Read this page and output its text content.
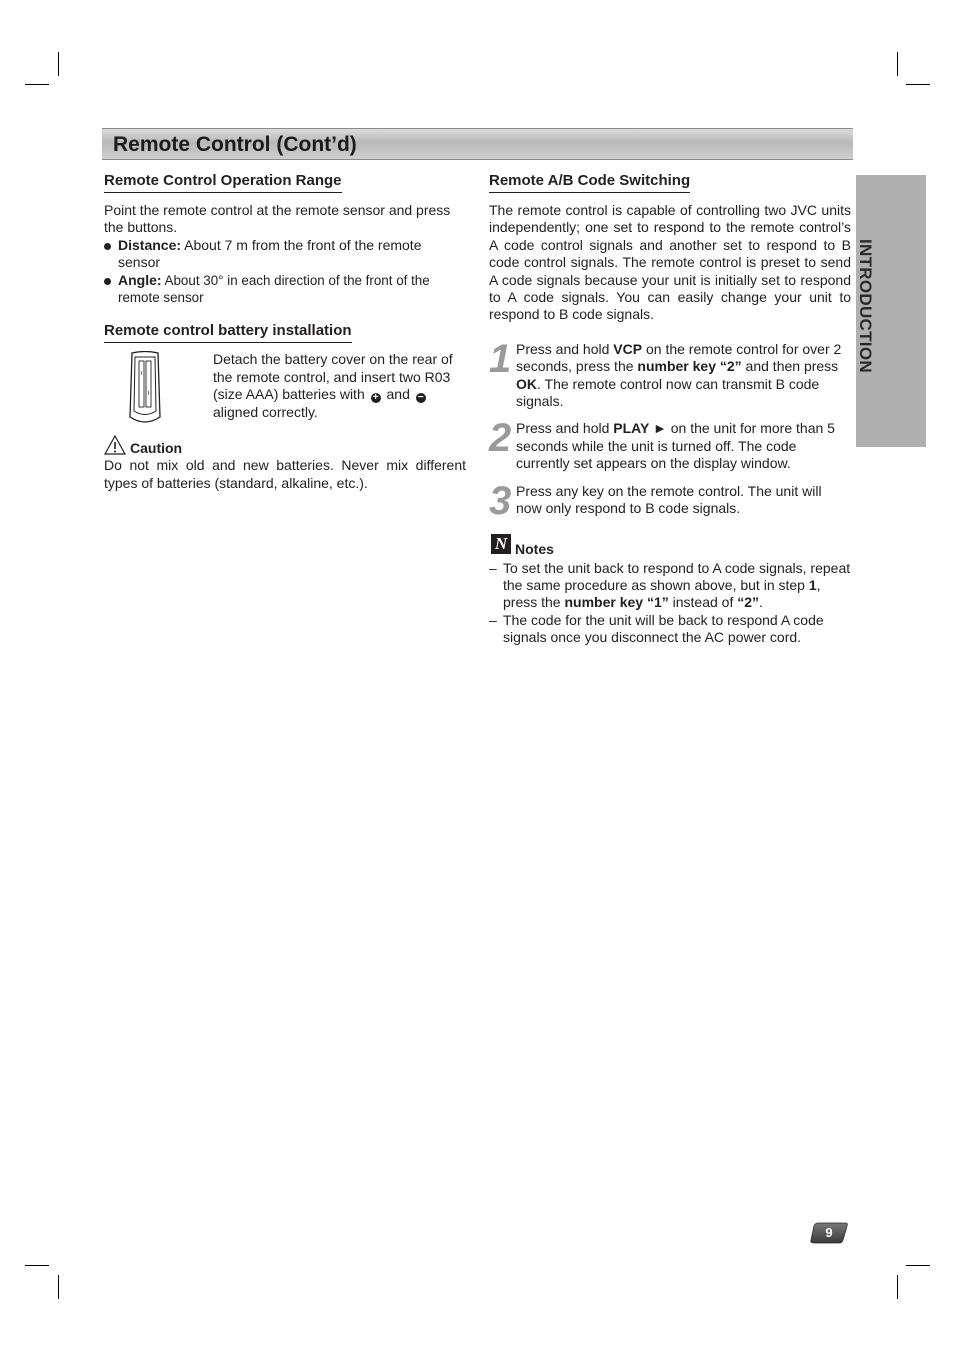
Remote Control (Cont’d)
INTRODUCTION
Remote Control Operation Range

Point the remote control at the remote sensor and press the buttons.

Distance: About 7 m from the front of the remote sensor
Angle: About 30° in each direction of the front of the remote sensor
Remote control battery installation

Detach the battery cover on the rear of the remote control, and insert two R03 (size AAA) batteries with + and −
aligned correctly.

Caution

Do not mix old and new batteries. Never mix different types of batteries (standard, alkaline, etc.).

Remote A/B Code Switching

The remote control is capable of controlling two JVC units independently; one set to respond to the remote control’s A code control signals and another set to respond to B code control signals. The remote control is preset to send A code signals because your unit is initially set to respond to A code signals. You can easily change your unit to respond to B code signals.

1 Press and hold VCP on the remote control for over 2 seconds, press the number key “2” and then press OK. The remote control now can transmit B code signals.

2 Press and hold PLAY ► on the unit for more than 5 seconds while the unit is turned off. The code currently set appears on the display window.

3 Press any key on the remote control. The unit will now only respond to B code signals.

N Notes
– To set the unit back to respond to A code signals, repeat the same procedure as shown above, but in step 1, press the number key “1” instead of “2”.

– The code for the unit will be back to respond A code signals once you disconnect the AC power cord.

9
